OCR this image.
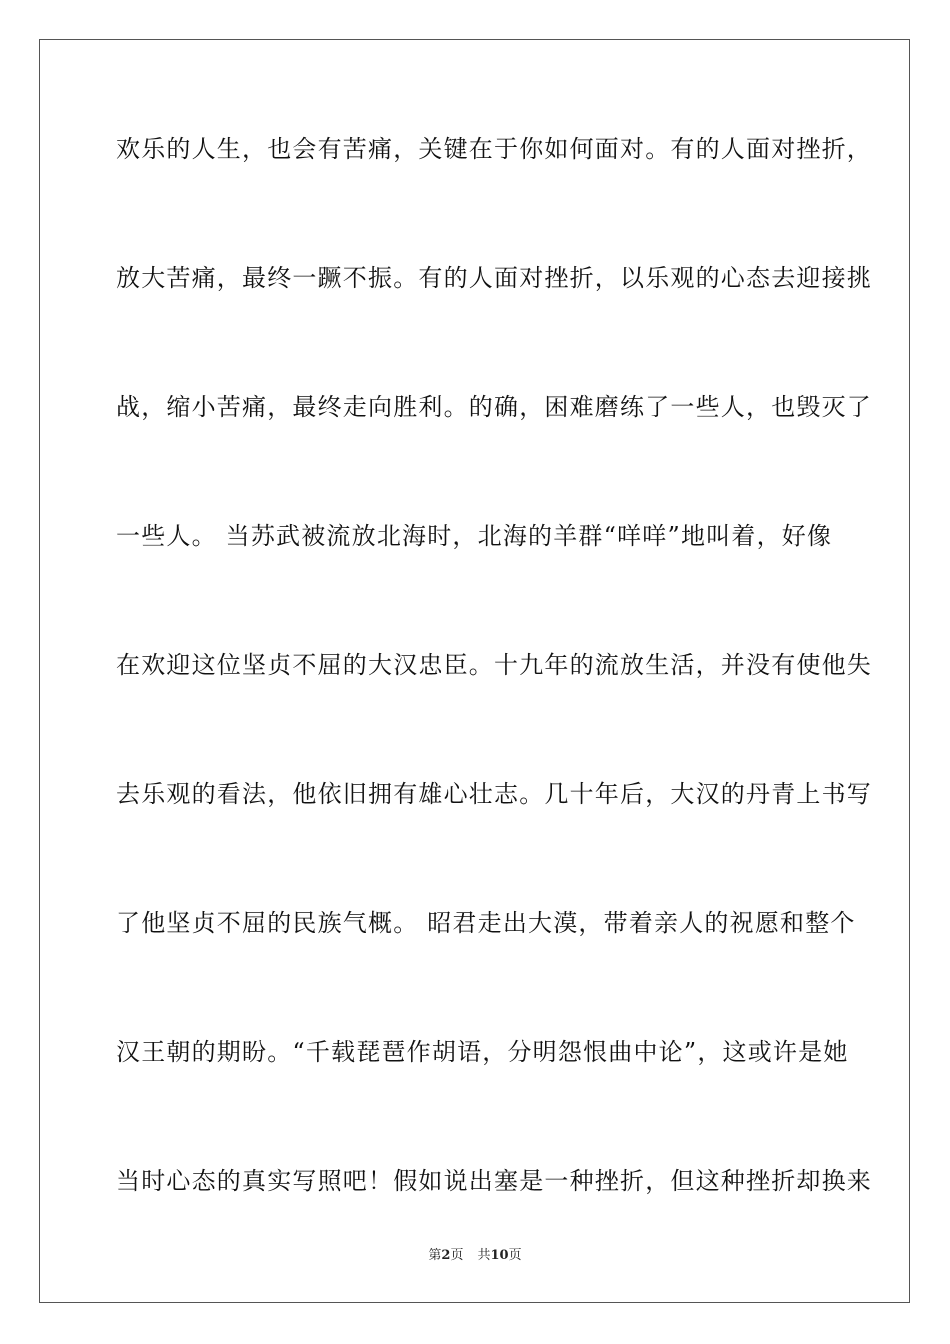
欢乐的人生，也会有苦痛，关键在于你如何面对。有的人面对挫折，
放大苦痛，最终一蹶不振。有的人面对挫折，以乐观的心态去迎接挑
战，缩小苦痛，最终走向胜利。的确，困难磨练了一些人，也毁灭了
一些人。 当苏武被流放北海时，北海的羊群“咩咩”地叫着，好像
在欢迎这位坚贞不屈的大汉忠臣。十九年的流放生活，并没有使他失
去乐观的看法，他依旧拥有雄心壮志。几十年后，大汉的丹青上书写
了他坚贞不屈的民族气概。 昭君走出大漠，带着亲人的祝愿和整个
汉王朝的期盼。“千载琵琶作胡语，分明怨恨曲中论”，这或许是她
当时心态的真实写照吧！假如说出塞是一种挫折，但这种挫折却换来
第2页 共10页
